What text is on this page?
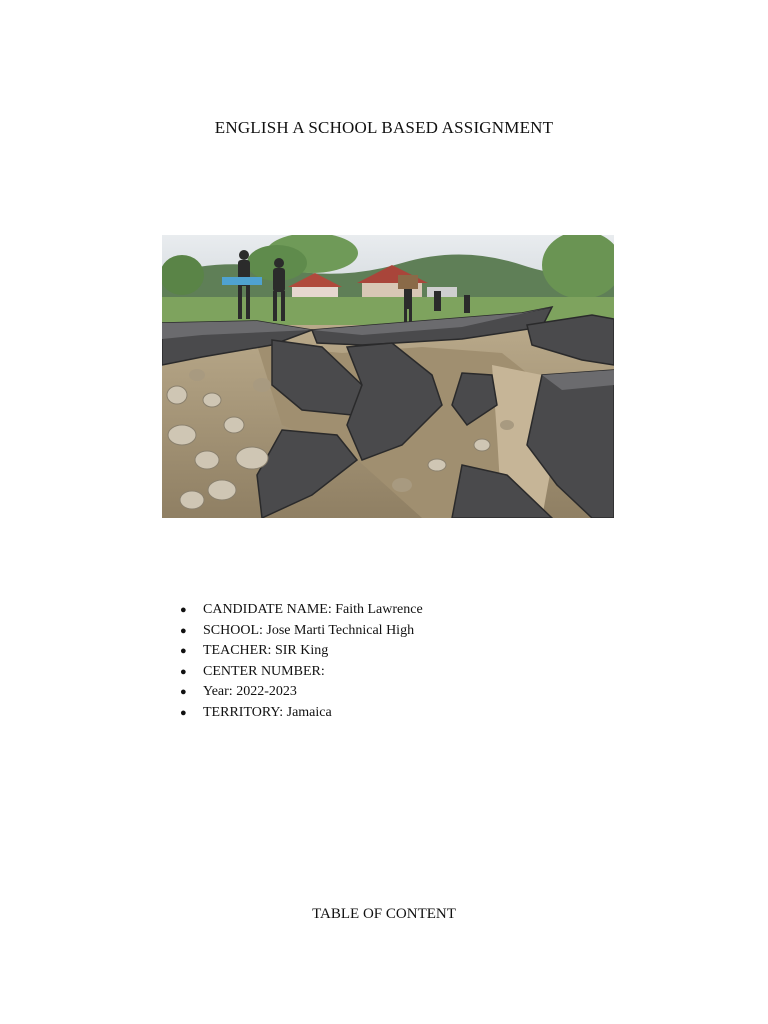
ENGLISH A SCHOOL BASED ASSIGNMENT
● CANDIDATE NAME: Faith Lawrence
● SCHOOL: Jose Marti Technical High
● TEACHER: SIR King
● CENTER NUMBER:
● Year: 2022-2023
● TERRITORY: Jamaica
TABLE OF CONTENT
